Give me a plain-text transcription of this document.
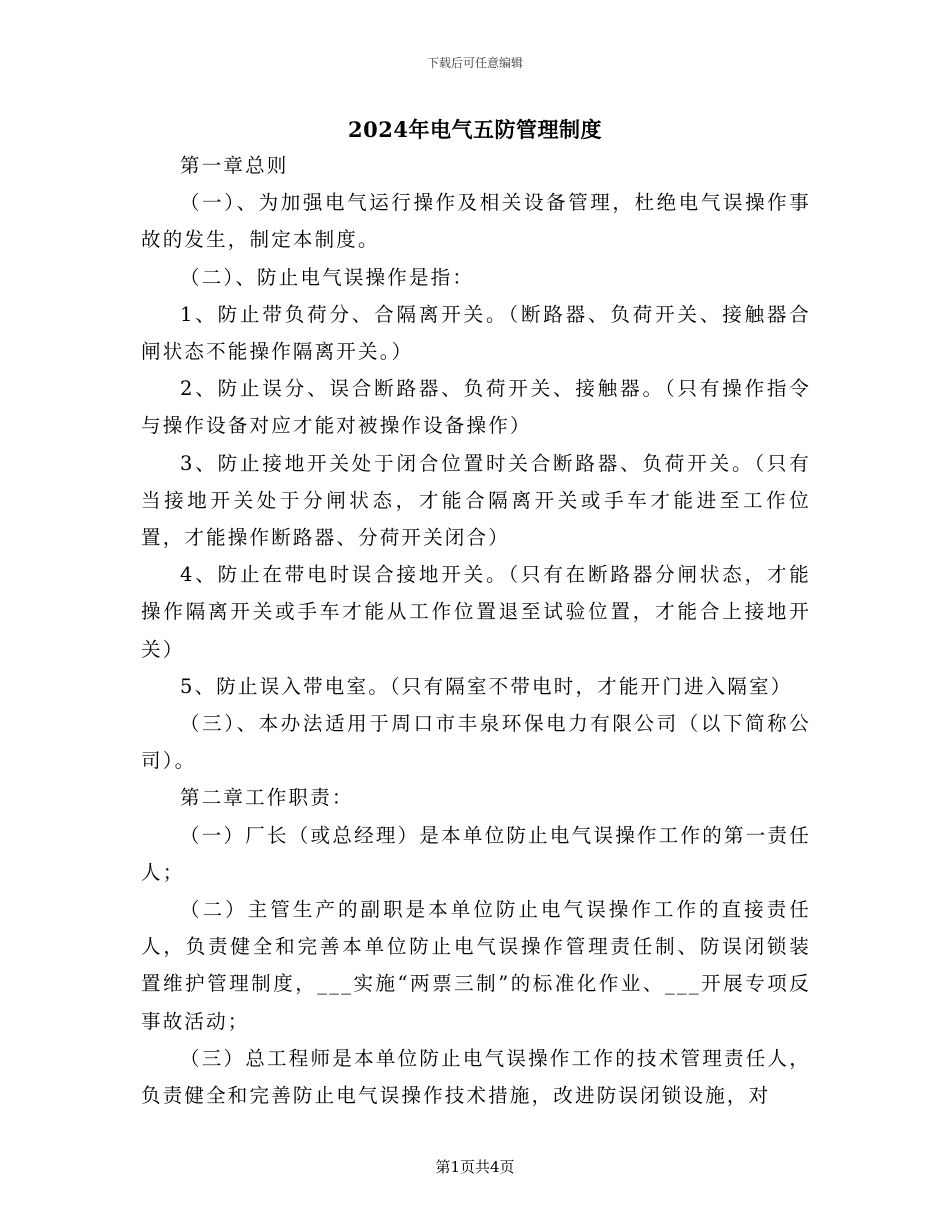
下载后可任意编辑
2024年电气五防管理制度

第一章总则

（一）、为加强电气运行操作及相关设备管理，杜绝电气误操作事故的发生，制定本制度。

（二）、防止电气误操作是指：

1、防止带负荷分、合隔离开关。（断路器、负荷开关、接触器合闸状态不能操作隔离开关。）

2、防止误分、误合断路器、负荷开关、接触器。（只有操作指令与操作设备对应才能对被操作设备操作）

3、防止接地开关处于闭合位置时关合断路器、负荷开关。（只有当接地开关处于分闸状态，才能合隔离开关或手车才能进至工作位置，才能操作断路器、分荷开关闭合）

4、防止在带电时误合接地开关。（只有在断路器分闸状态，才能操作隔离开关或手车才能从工作位置退至试验位置，才能合上接地开关）

5、防止误入带电室。（只有隔室不带电时，才能开门进入隔室）

（三）、本办法适用于周口市丰泉环保电力有限公司（以下简称公司）。

第二章工作职责：

（一）厂长（或总经理）是本单位防止电气误操作工作的第一责任人；

（二）主管生产的副职是本单位防止电气误操作工作的直接责任人，负责健全和完善本单位防止电气误操作管理责任制、防误闭锁装置维护管理制度，___实施“两票三制”的标准化作业、___开展专项反事故活动；

（三）总工程师是本单位防止电气误操作工作的技术管理责任人，负责健全和完善防止电气误操作技术措施，改进防误闭锁设施，对

第1页共4页
